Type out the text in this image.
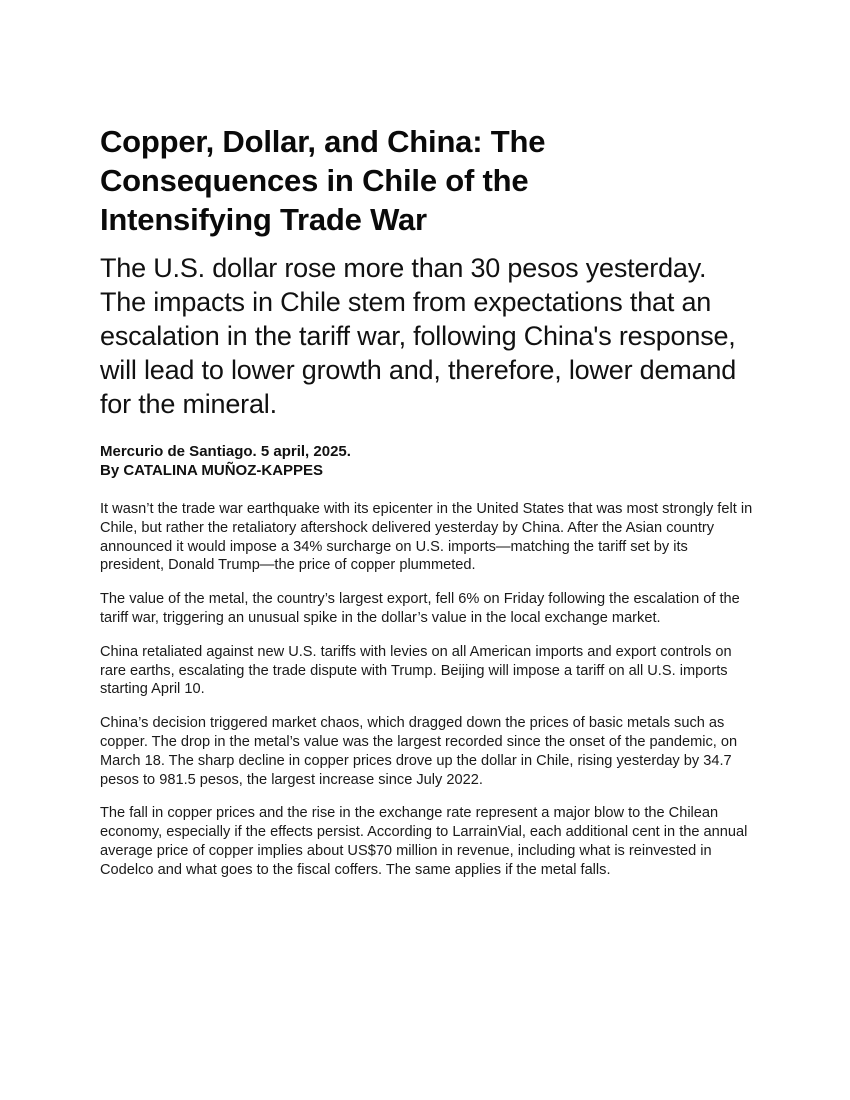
Copper, Dollar, and China: The Consequences in Chile of the Intensifying Trade War
The U.S. dollar rose more than 30 pesos yesterday. The impacts in Chile stem from expectations that an escalation in the tariff war, following China's response, will lead to lower growth and, therefore, lower demand for the mineral.
Mercurio de Santiago. 5 april, 2025.
By CATALINA MUÑOZ-KAPPES

It wasn’t the trade war earthquake with its epicenter in the United States that was most strongly felt in Chile, but rather the retaliatory aftershock delivered yesterday by China. After the Asian country announced it would impose a 34% surcharge on U.S. imports—matching the tariff set by its president, Donald Trump—the price of copper plummeted.

The value of the metal, the country’s largest export, fell 6% on Friday following the escalation of the tariff war, triggering an unusual spike in the dollar’s value in the local exchange market.

China retaliated against new U.S. tariffs with levies on all American imports and export controls on rare earths, escalating the trade dispute with Trump. Beijing will impose a tariff on all U.S. imports starting April 10.

China’s decision triggered market chaos, which dragged down the prices of basic metals such as copper. The drop in the metal’s value was the largest recorded since the onset of the pandemic, on March 18. The sharp decline in copper prices drove up the dollar in Chile, rising yesterday by 34.7 pesos to 981.5 pesos, the largest increase since July 2022.

The fall in copper prices and the rise in the exchange rate represent a major blow to the Chilean economy, especially if the effects persist. According to LarrainVial, each additional cent in the annual average price of copper implies about US$70 million in revenue, including what is reinvested in Codelco and what goes to the fiscal coffers. The same applies if the metal falls.
